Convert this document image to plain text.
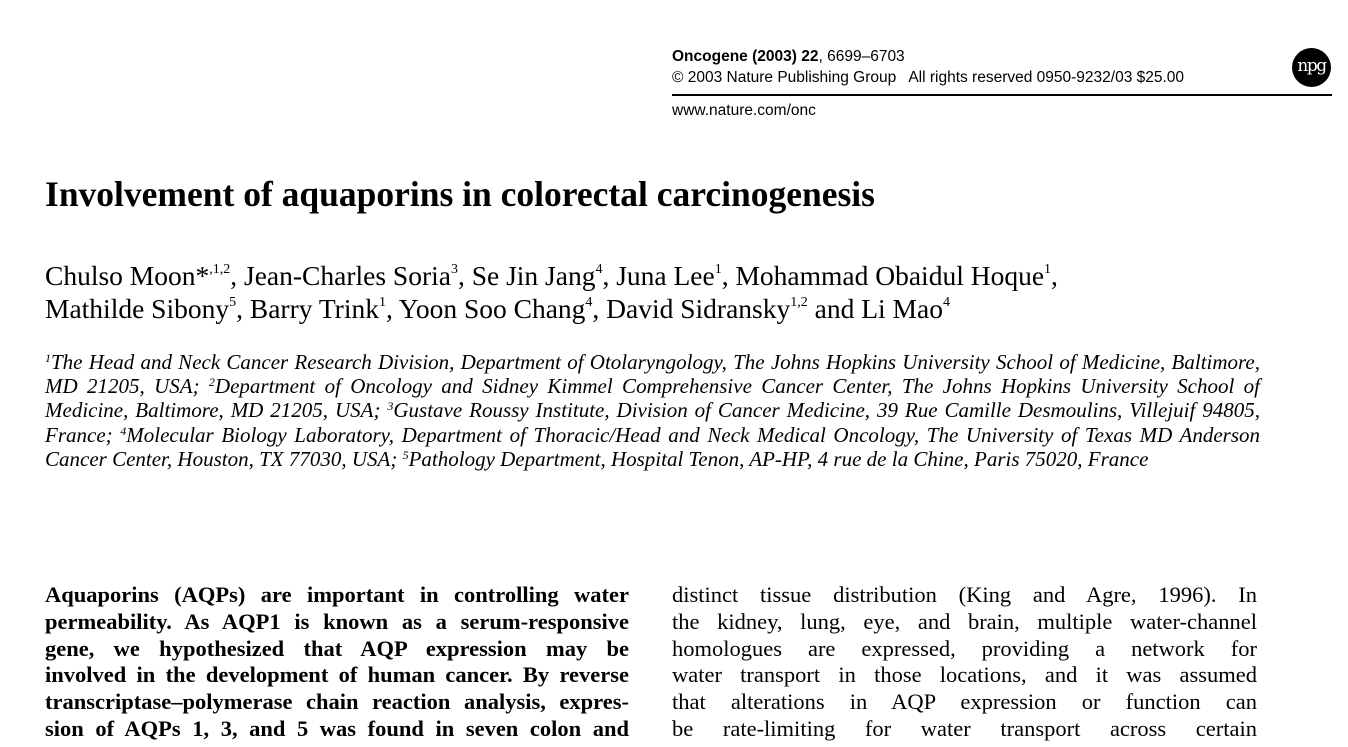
Oncogene (2003) 22, 6699–6703
© 2003 Nature Publishing Group   All rights reserved 0950-9232/03 $25.00
npg
www.nature.com/onc
Involvement of aquaporins in colorectal carcinogenesis
Chulso Moon*$^{,1,2}$, Jean-Charles Soria$^3$, Se Jin Jang$^4$, Juna Lee$^1$, Mohammad Obaidul Hoque$^1$,
Mathilde Sibony$^5$, Barry Trink$^1$, Yoon Soo Chang$^4$, David Sidransky$^{1,2}$ and Li Mao$^4$
$^1$The Head and Neck Cancer Research Division, Department of Otolaryngology, The Johns Hopkins University School of Medicine, Baltimore, MD 21205, USA; $^2$Department of Oncology and Sidney Kimmel Comprehensive Cancer Center, The Johns Hopkins University School of Medicine, Baltimore, MD 21205, USA; $^3$Gustave Roussy Institute, Division of Cancer Medicine, 39 Rue Camille Desmoulins, Villejuif 94805, France; $^4$Molecular Biology Laboratory, Department of Thoracic/Head and Neck Medical Oncology, The University of Texas MD Anderson Cancer Center, Houston, TX 77030, USA; $^5$Pathology Department, Hospital Tenon, AP-HP, 4 rue de la Chine, Paris 75020, France
Aquaporins (AQPs) are important in controlling water
permeability. As AQP1 is known as a serum-responsive
gene, we hypothesized that AQP expression may be
involved in the development of human cancer. By reverse
transcriptase–polymerase chain reaction analysis, expres-
sion of AQPs 1, 3, and 5 was found in seven colon and
distinct tissue distribution (King and Agre, 1996). In
the kidney, lung, eye, and brain, multiple water-channel
homologues are expressed, providing a network for
water transport in those locations, and it was assumed
that alterations in AQP expression or function can
be rate-limiting for water transport across certain
